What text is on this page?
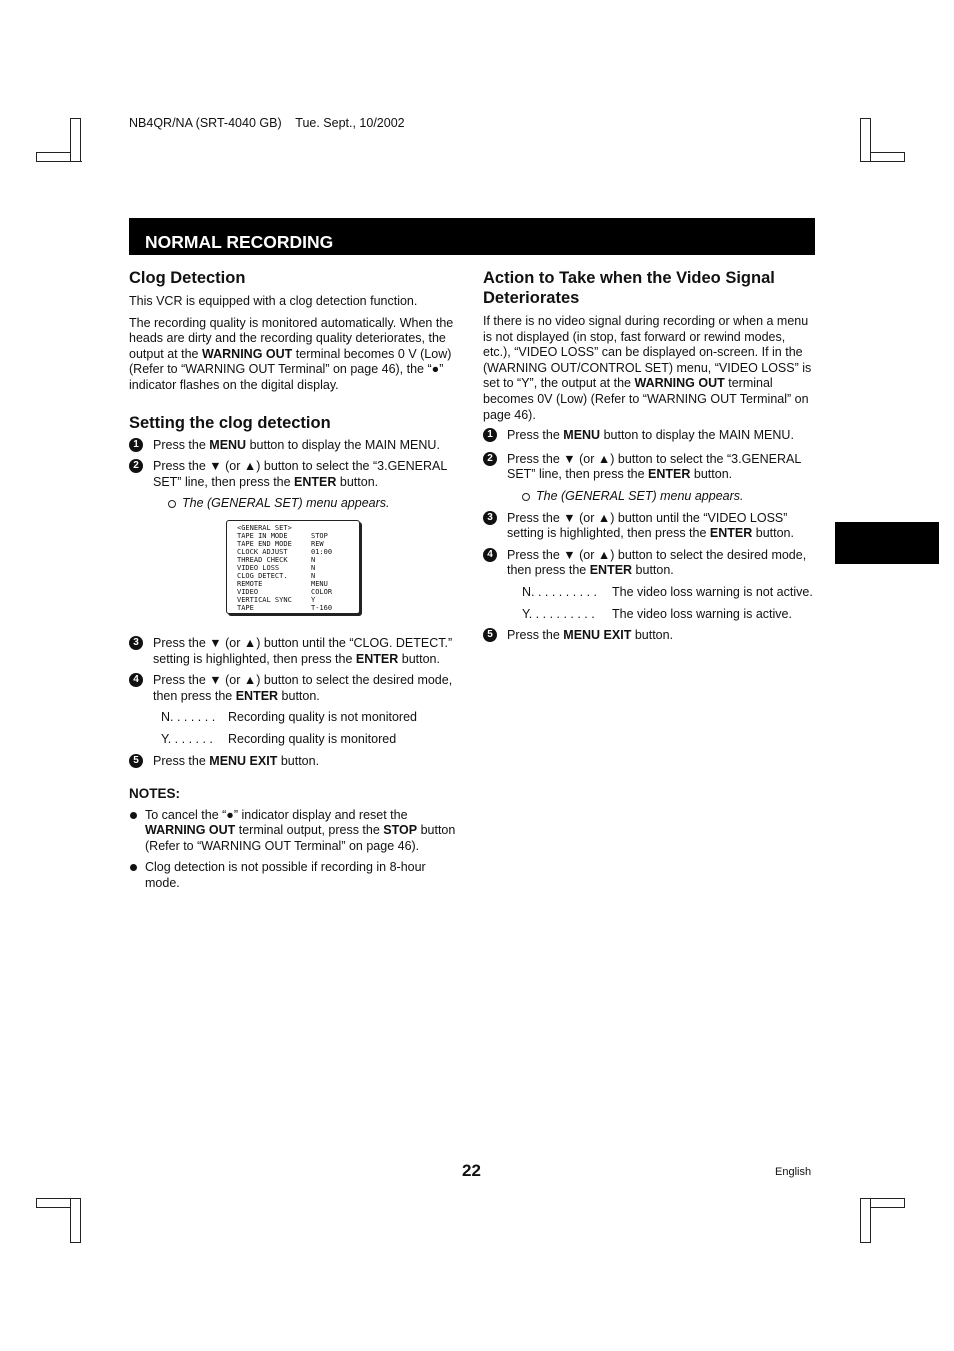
NB4QR/NA (SRT-4040 GB)    Tue. Sept., 10/2002
NORMAL RECORDING
Clog Detection

This VCR is equipped with a clog detection function.

The recording quality is monitored automatically. When the heads are dirty and the recording quality deteriorates, the output at the WARNING OUT terminal becomes 0 V (Low) (Refer to “WARNING OUT Terminal” on page 46), the “●” indicator flashes on the digital display.

Setting the clog detection
1	Press the MENU button to display the MAIN MENU.
2	Press the ▼ (or ▲) button to select the “3.GENERAL SET” line, then press the ENTER button.
The (GENERAL SET) menu appears.
<GENERAL SET>
TAPE IN MODE	STOP
TAPE END MODE	REW
CLOCK ADJUST	01:00
THREAD CHECK	N
VIDEO LOSS	N
CLOG DETECT.	N
REMOTE	MENU
VIDEO	COLOR
VERTICAL SYNC	Y
TAPE	T-160
3	Press the ▼ (or ▲) button until the “CLOG. DETECT.” setting is highlighted, then press the ENTER button.
4	Press the ▼ (or ▲) button to select the desired mode, then press the ENTER button.
N. . . . . . . Recording quality is not monitored
Y. . . . . . . Recording quality is monitored
5	Press the MENU EXIT button.
NOTES:
To cancel the “●” indicator display and reset the WARNING OUT terminal output, press the STOP button (Refer to “WARNING OUT Terminal” on page 46).
Clog detection is not possible if recording in 8-hour mode.
Action to Take when the Video Signal Deteriorates

If there is no video signal during recording or when a menu is not displayed (in stop, fast forward or rewind modes, etc.), “VIDEO LOSS” can be displayed on-screen. If in the (WARNING OUT/CONTROL SET) menu, “VIDEO LOSS” is set to “Y”, the output at the WARNING OUT terminal becomes 0V (Low) (Refer to “WARNING OUT Terminal” on page 46).

1	Press the MENU button to display the MAIN MENU.
2	Press the ▼ (or ▲) button to select the “3.GENERAL SET” line, then press the ENTER button.
The (GENERAL SET) menu appears.
3	Press the ▼ (or ▲) button until the “VIDEO LOSS” setting is highlighted, then press the ENTER button.
4	Press the ▼ (or ▲) button to select the desired mode, then press the ENTER button.
N. . . . . . . . . . The video loss warning is not active.
Y. . . . . . . . . . The video loss warning is active.
5	Press the MENU EXIT button.
22	English
